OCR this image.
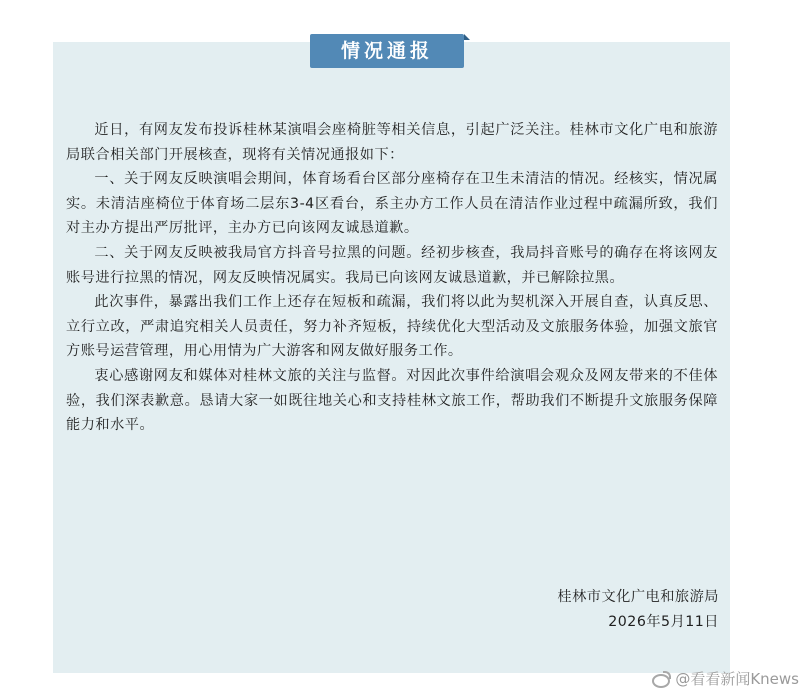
情况通报

近日，有网友发布投诉桂林某演唱会座椅脏等相关信息，引起广泛关注。桂林市文化广电和旅游局联合相关部门开展核查，现将有关情况通报如下：

一、关于网友反映演唱会期间，体育场看台区部分座椅存在卫生未清洁的情况。经核实，情况属实。未清洁座椅位于体育场二层东3-4区看台，系主办方工作人员在清洁作业过程中疏漏所致，我们对主办方提出严厉批评，主办方已向该网友诚恳道歉。

二、关于网友反映被我局官方抖音号拉黑的问题。经初步核查，我局抖音账号的确存在将该网友账号进行拉黑的情况，网友反映情况属实。我局已向该网友诚恳道歉，并已解除拉黑。

此次事件，暴露出我们工作上还存在短板和疏漏，我们将以此为契机深入开展自查，认真反思、立行立改，严肃追究相关人员责任，努力补齐短板，持续优化大型活动及文旅服务体验，加强文旅官方账号运营管理，用心用情为广大游客和网友做好服务工作。

衷心感谢网友和媒体对桂林文旅的关注与监督。对因此次事件给演唱会观众及网友带来的不佳体验，我们深表歉意。恳请大家一如既往地关心和支持桂林文旅工作，帮助我们不断提升文旅服务保障能力和水平。

桂林市文化广电和旅游局
2026年5月11日
@看看新闻Knews
